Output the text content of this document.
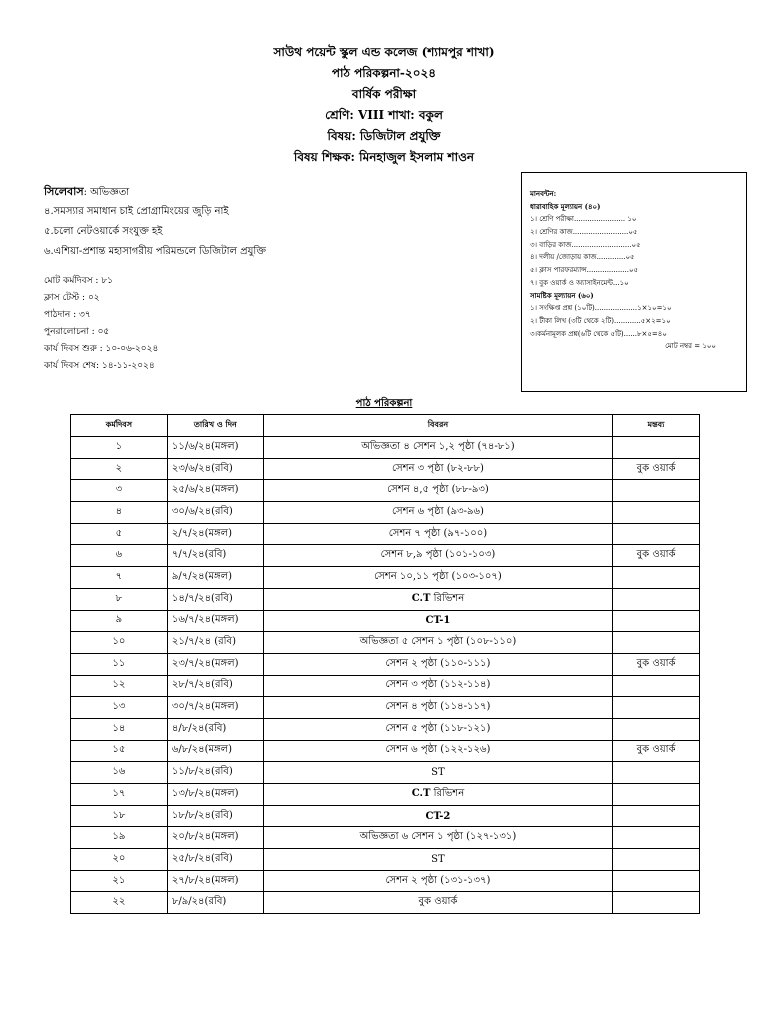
সাউথ পয়েন্ট স্কুল এন্ড কলেজ (শ্যামপুর শাখা)
পাঠ পরিকল্পনা-২০২৪
বার্ষিক পরীক্ষা
শ্রেণি: VIII শাখা: বকুল
বিষয়: ডিজিটাল প্রযুক্তি
বিষয় শিক্ষক: মিনহাজুল ইসলাম শাওন
সিলেবাস: অভিজ্ঞতা
৪.সমস্যার সমাধান চাই প্রোগ্রামিংয়ের জুড়ি নাই
৫.চলো নেটওয়ার্কে সংযুক্ত হই
৬.এশিয়া-প্রশান্ত মহাসাগরীয় পরিমন্ডলে ডিজিটাল প্রযুক্তি
মোট কর্মদিবস : ৮১
ক্লাস টেস্ট : ০২
পাঠদান : ৩৭
পুনরালোচনা : ০৫
কার্য দিবস শুরু : ১০-০৬-২০২৪
কার্য দিবস শেষ: ১৪-১১-২০২৪
মানবন্টন:
ধারাবাহিক মূল্যায়ন (৪০)
১। শ্রেণি পরীক্ষা....................... ১০
২। শ্রেণির কাজ.........................০৫
৩। বাড়ির কাজ...........................০৫
৪। দলীয় /জোড়ায় কাজ.............০৫
৫। ক্লাস পারফরম্যান্স...................০৫
৭। বুক ওয়ার্ক ও অ্যাসাইনমেন্ট...১০
সামষ্টিক মূল্যায়ন (৬০)
১। সংক্ষিপ্ত প্রশ্ন (১০টি)...................১×১০=১০
২। টীকা লিখ (৩টি থেকে ২টি)............৫×২=১০
৩।কর্মনামূলক প্রশ্ন(৬টি থেকে ৫টি)......৮×৫=৪০
মোট নম্বর = ১০০
পাঠ পরিকল্পনা
কর্মদিবস	তারিখ ও দিন	বিবরন	মন্তব্য
১	১১/৬/২৪(মঙ্গল)	অভিজ্ঞতা ৪ সেশন ১,২ পৃষ্ঠা (৭৪-৮১)	
২	২৩/৬/২৪(রবি)	সেশন ৩ পৃষ্ঠা (৮২-৮৮)	বুক ওয়ার্ক
৩	২৫/৬/২৪(মঙ্গল)	সেশন ৪,৫ পৃষ্ঠা (৮৮-৯৩)	
৪	৩০/৬/২৪(রবি)	সেশন ৬ পৃষ্ঠা (৯৩-৯৬)	
৫	২/৭/২৪(মঙ্গল)	সেশন ৭ পৃষ্ঠা (৯৭-১০০)	
৬	৭/৭/২৪(রবি)	সেশন ৮,৯ পৃষ্ঠা (১০১-১০৩)	বুক ওয়ার্ক
৭	৯/৭/২৪(মঙ্গল)	সেশন ১০,১১ পৃষ্ঠা (১০৩-১০৭)	
৮	১৪/৭/২৪(রবি)	C.T রিভিশন	
৯	১৬/৭/২৪(মঙ্গল)	CT-1	
১০	২১/৭/২৪ (রবি)	অভিজ্ঞতা ৫ সেশন ১ পৃষ্ঠা (১০৮-১১০)	
১১	২৩/৭/২৪(মঙ্গল)	সেশন ২ পৃষ্ঠা (১১০-১১১)	বুক ওয়ার্ক
১২	২৮/৭/২৪(রবি)	সেশন ৩ পৃষ্ঠা (১১২-১১৪)	
১৩	৩০/৭/২৪(মঙ্গল)	সেশন ৪ পৃষ্ঠা (১১৪-১১৭)	
১৪	৪/৮/২৪(রবি)	সেশন ৫ পৃষ্ঠা (১১৮-১২১)	
১৫	৬/৮/২৪(মঙ্গল)	সেশন ৬ পৃষ্ঠা (১২২-১২৬)	বুক ওয়ার্ক
১৬	১১/৮/২৪(রবি)	ST	
১৭	১৩/৮/২৪(মঙ্গল)	C.T রিভিশন	
১৮	১৮/৮/২৪(রবি)	CT-2	
১৯	২০/৮/২৪(মঙ্গল)	অভিজ্ঞতা ৬ সেশন ১ পৃষ্ঠা (১২৭-১৩১)	
২০	২৫/৮/২৪(রবি)	ST	
২১	২৭/৮/২৪(মঙ্গল)	সেশন ২ পৃষ্ঠা (১৩১-১৩৭)	
২২	৮/৯/২৪(রবি)	বুক ওয়ার্ক	
